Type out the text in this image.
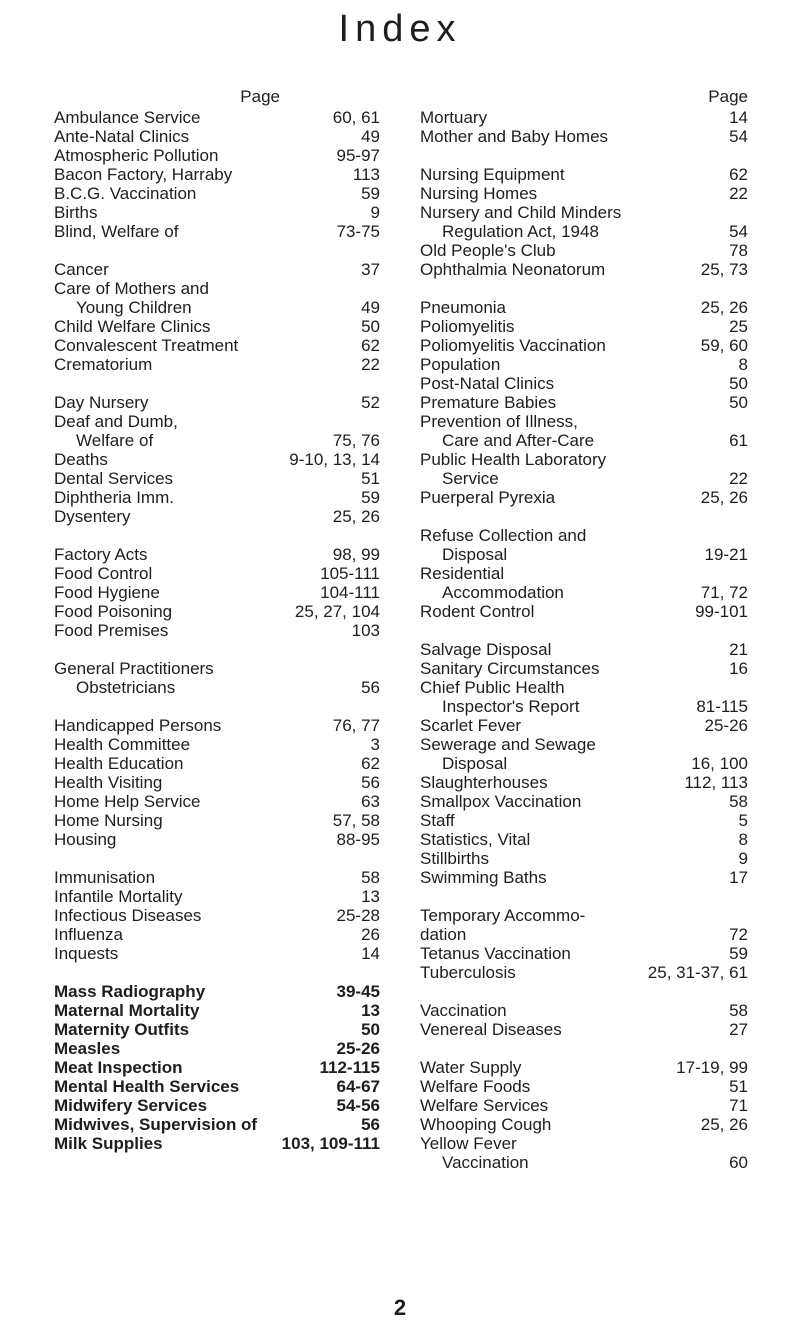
Index
Page
Ambulance Service	60, 61
Ante-Natal Clinics	49
Atmospheric Pollution	95-97
Bacon Factory, Harraby	113
B.C.G. Vaccination	59
Births	9
Blind, Welfare of	73-75
Cancer	37
Care of Mothers and
Young Children	49
Child Welfare Clinics	50
Convalescent Treatment	62
Crematorium	22
Day Nursery	52
Deaf and Dumb,
Welfare of	75, 76
Deaths	9-10, 13, 14
Dental Services	51
Diphtheria Imm.	59
Dysentery	25, 26
Factory Acts	98, 99
Food Control	105-111
Food Hygiene	104-111
Food Poisoning	25, 27, 104
Food Premises	103
General Practitioners
Obstetricians	56
Handicapped Persons	76, 77
Health Committee	3
Health Education	62
Health Visiting	56
Home Help Service	63
Home Nursing	57, 58
Housing	88-95
Immunisation	58
Infantile Mortality	13
Infectious Diseases	25-28
Influenza	26
Inquests	14
Mass Radiography	39-45
Maternal Mortality	13
Maternity Outfits	50
Measles	25-26
Meat Inspection	112-115
Mental Health Services	64-67
Midwifery Services	54-56
Midwives, Supervision of	56
Milk Supplies	103, 109-111
Page
Mortuary	14
Mother and Baby Homes	54
Nursing Equipment	62
Nursing Homes	22
Nursery and Child Minders
Regulation Act, 1948	54
Old People's Club	78
Ophthalmia Neonatorum	25, 73
Pneumonia	25, 26
Poliomyelitis	25
Poliomyelitis Vaccination	59, 60
Population	8
Post-Natal Clinics	50
Premature Babies	50
Prevention of Illness,
Care and After-Care	61
Public Health Laboratory
Service	22
Puerperal Pyrexia	25, 26
Refuse Collection and
Disposal	19-21
Residential
Accommodation	71, 72
Rodent Control	99-101
Salvage Disposal	21
Sanitary Circumstances	16
Chief Public Health
Inspector's Report	81-115
Scarlet Fever	25-26
Sewerage and Sewage
Disposal	16, 100
Slaughterhouses	112, 113
Smallpox Vaccination	58
Staff	5
Statistics, Vital	8
Stillbirths	9
Swimming Baths	17
Temporary Accommo-
dation	72
Tetanus Vaccination	59
Tuberculosis	25, 31-37, 61
Vaccination	58
Venereal Diseases	27
Water Supply	17-19, 99
Welfare Foods	51
Welfare Services	71
Whooping Cough	25, 26
Yellow Fever
Vaccination	60
2
